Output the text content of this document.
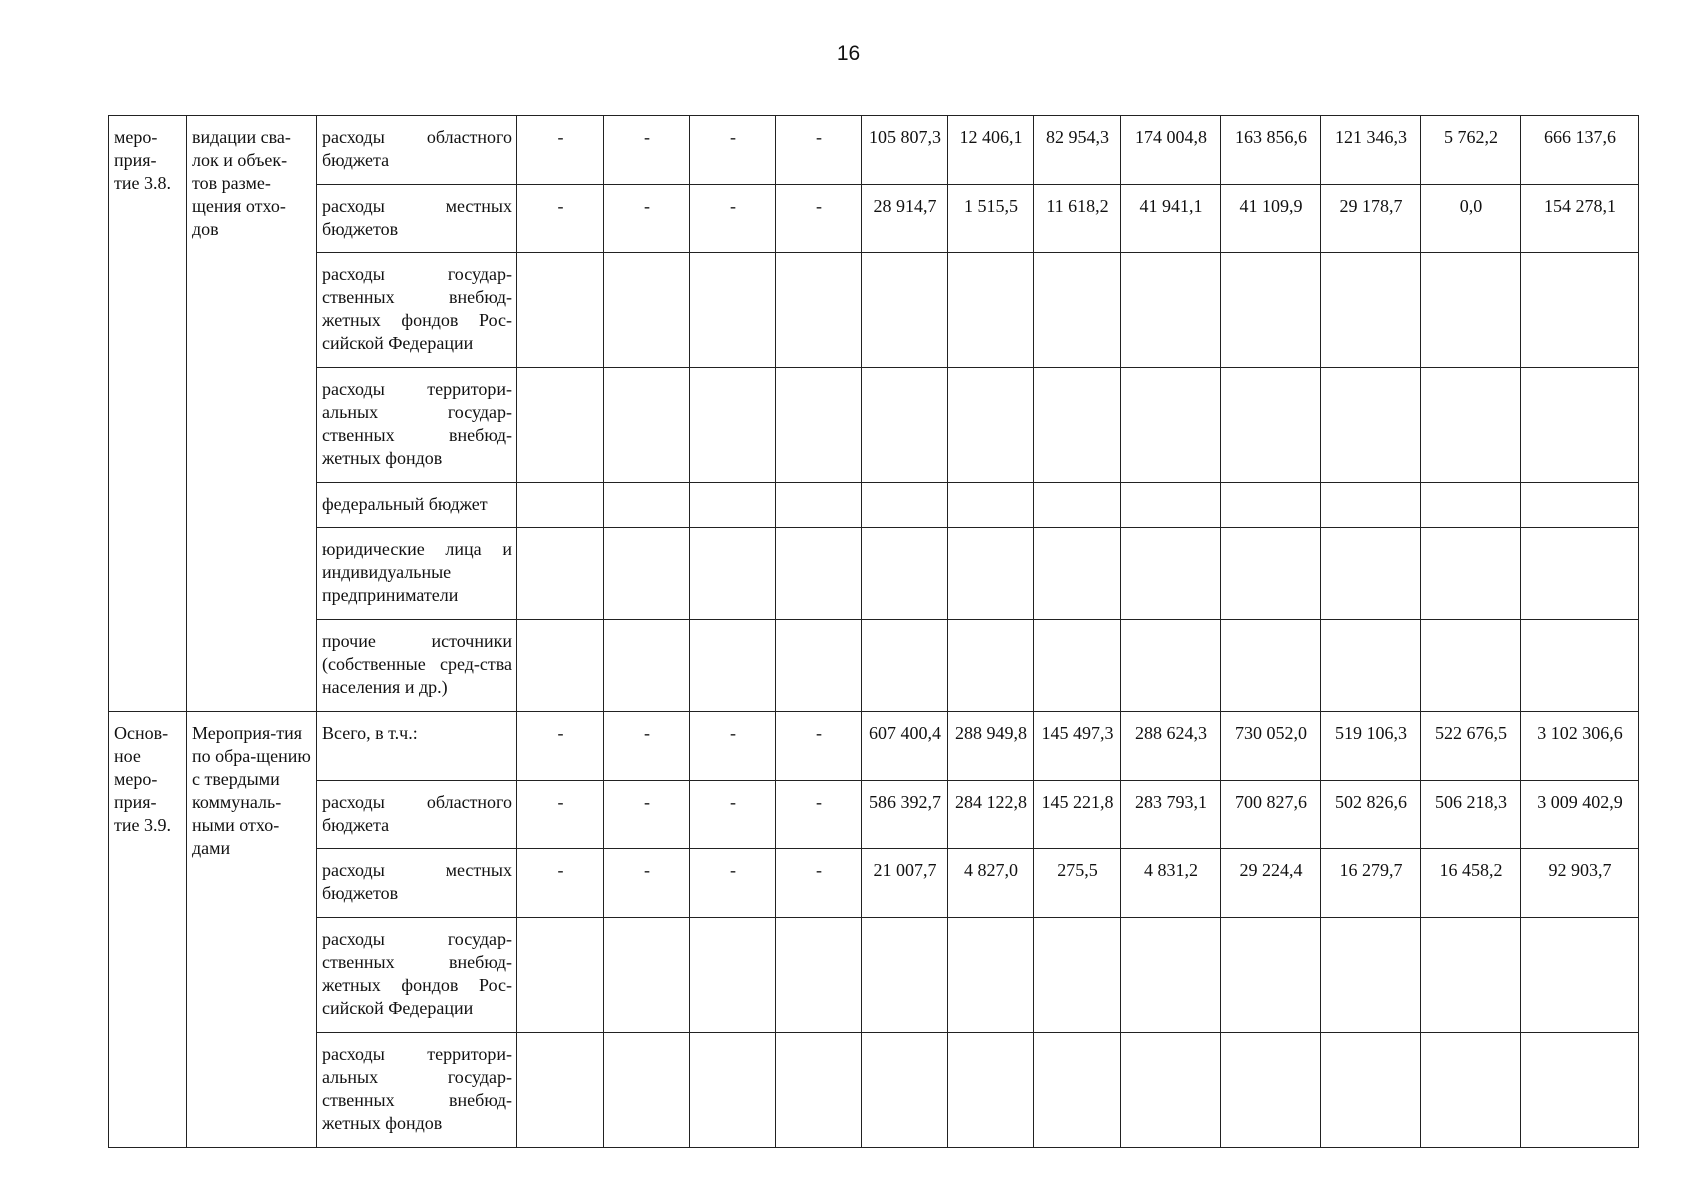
16
меро-прия-тие 3.8.	видации сва-лок и объек-тов разме-щения отхо-дов	расходы областного бюджета	-	-	-	-	105 807,3	12 406,1	82 954,3	174 004,8	163 856,6	121 346,3	5 762,2	666 137,6
		расходы местных бюджетов	-	-	-	-	28 914,7	1 515,5	11 618,2	41 941,1	41 109,9	29 178,7	0,0	154 278,1
		расходы государ-ственных внебюд-жетных фондов Рос-сийской Федерации												
		расходы территори-альных государ-ственных внебюд-жетных фондов												
		федеральный бюджет												
		юридические лица и индивидуальные предприниматели												
		прочие источники (собственные сред-ства населения и др.)												
Основ-ное меро-прия-тие 3.9.	Мероприя-тия по обра-щению с твердыми коммуналь-ными отхо-дами	Всего, в т.ч.:	-	-	-	-	607 400,4	288 949,8	145 497,3	288 624,3	730 052,0	519 106,3	522 676,5	3 102 306,6
		расходы областного бюджета	-	-	-	-	586 392,7	284 122,8	145 221,8	283 793,1	700 827,6	502 826,6	506 218,3	3 009 402,9
		расходы местных бюджетов	-	-	-	-	21 007,7	4 827,0	275,5	4 831,2	29 224,4	16 279,7	16 458,2	92 903,7
		расходы государ-ственных внебюд-жетных фондов Рос-сийской Федерации												
		расходы территори-альных государ-ственных внебюд-жетных фондов												
